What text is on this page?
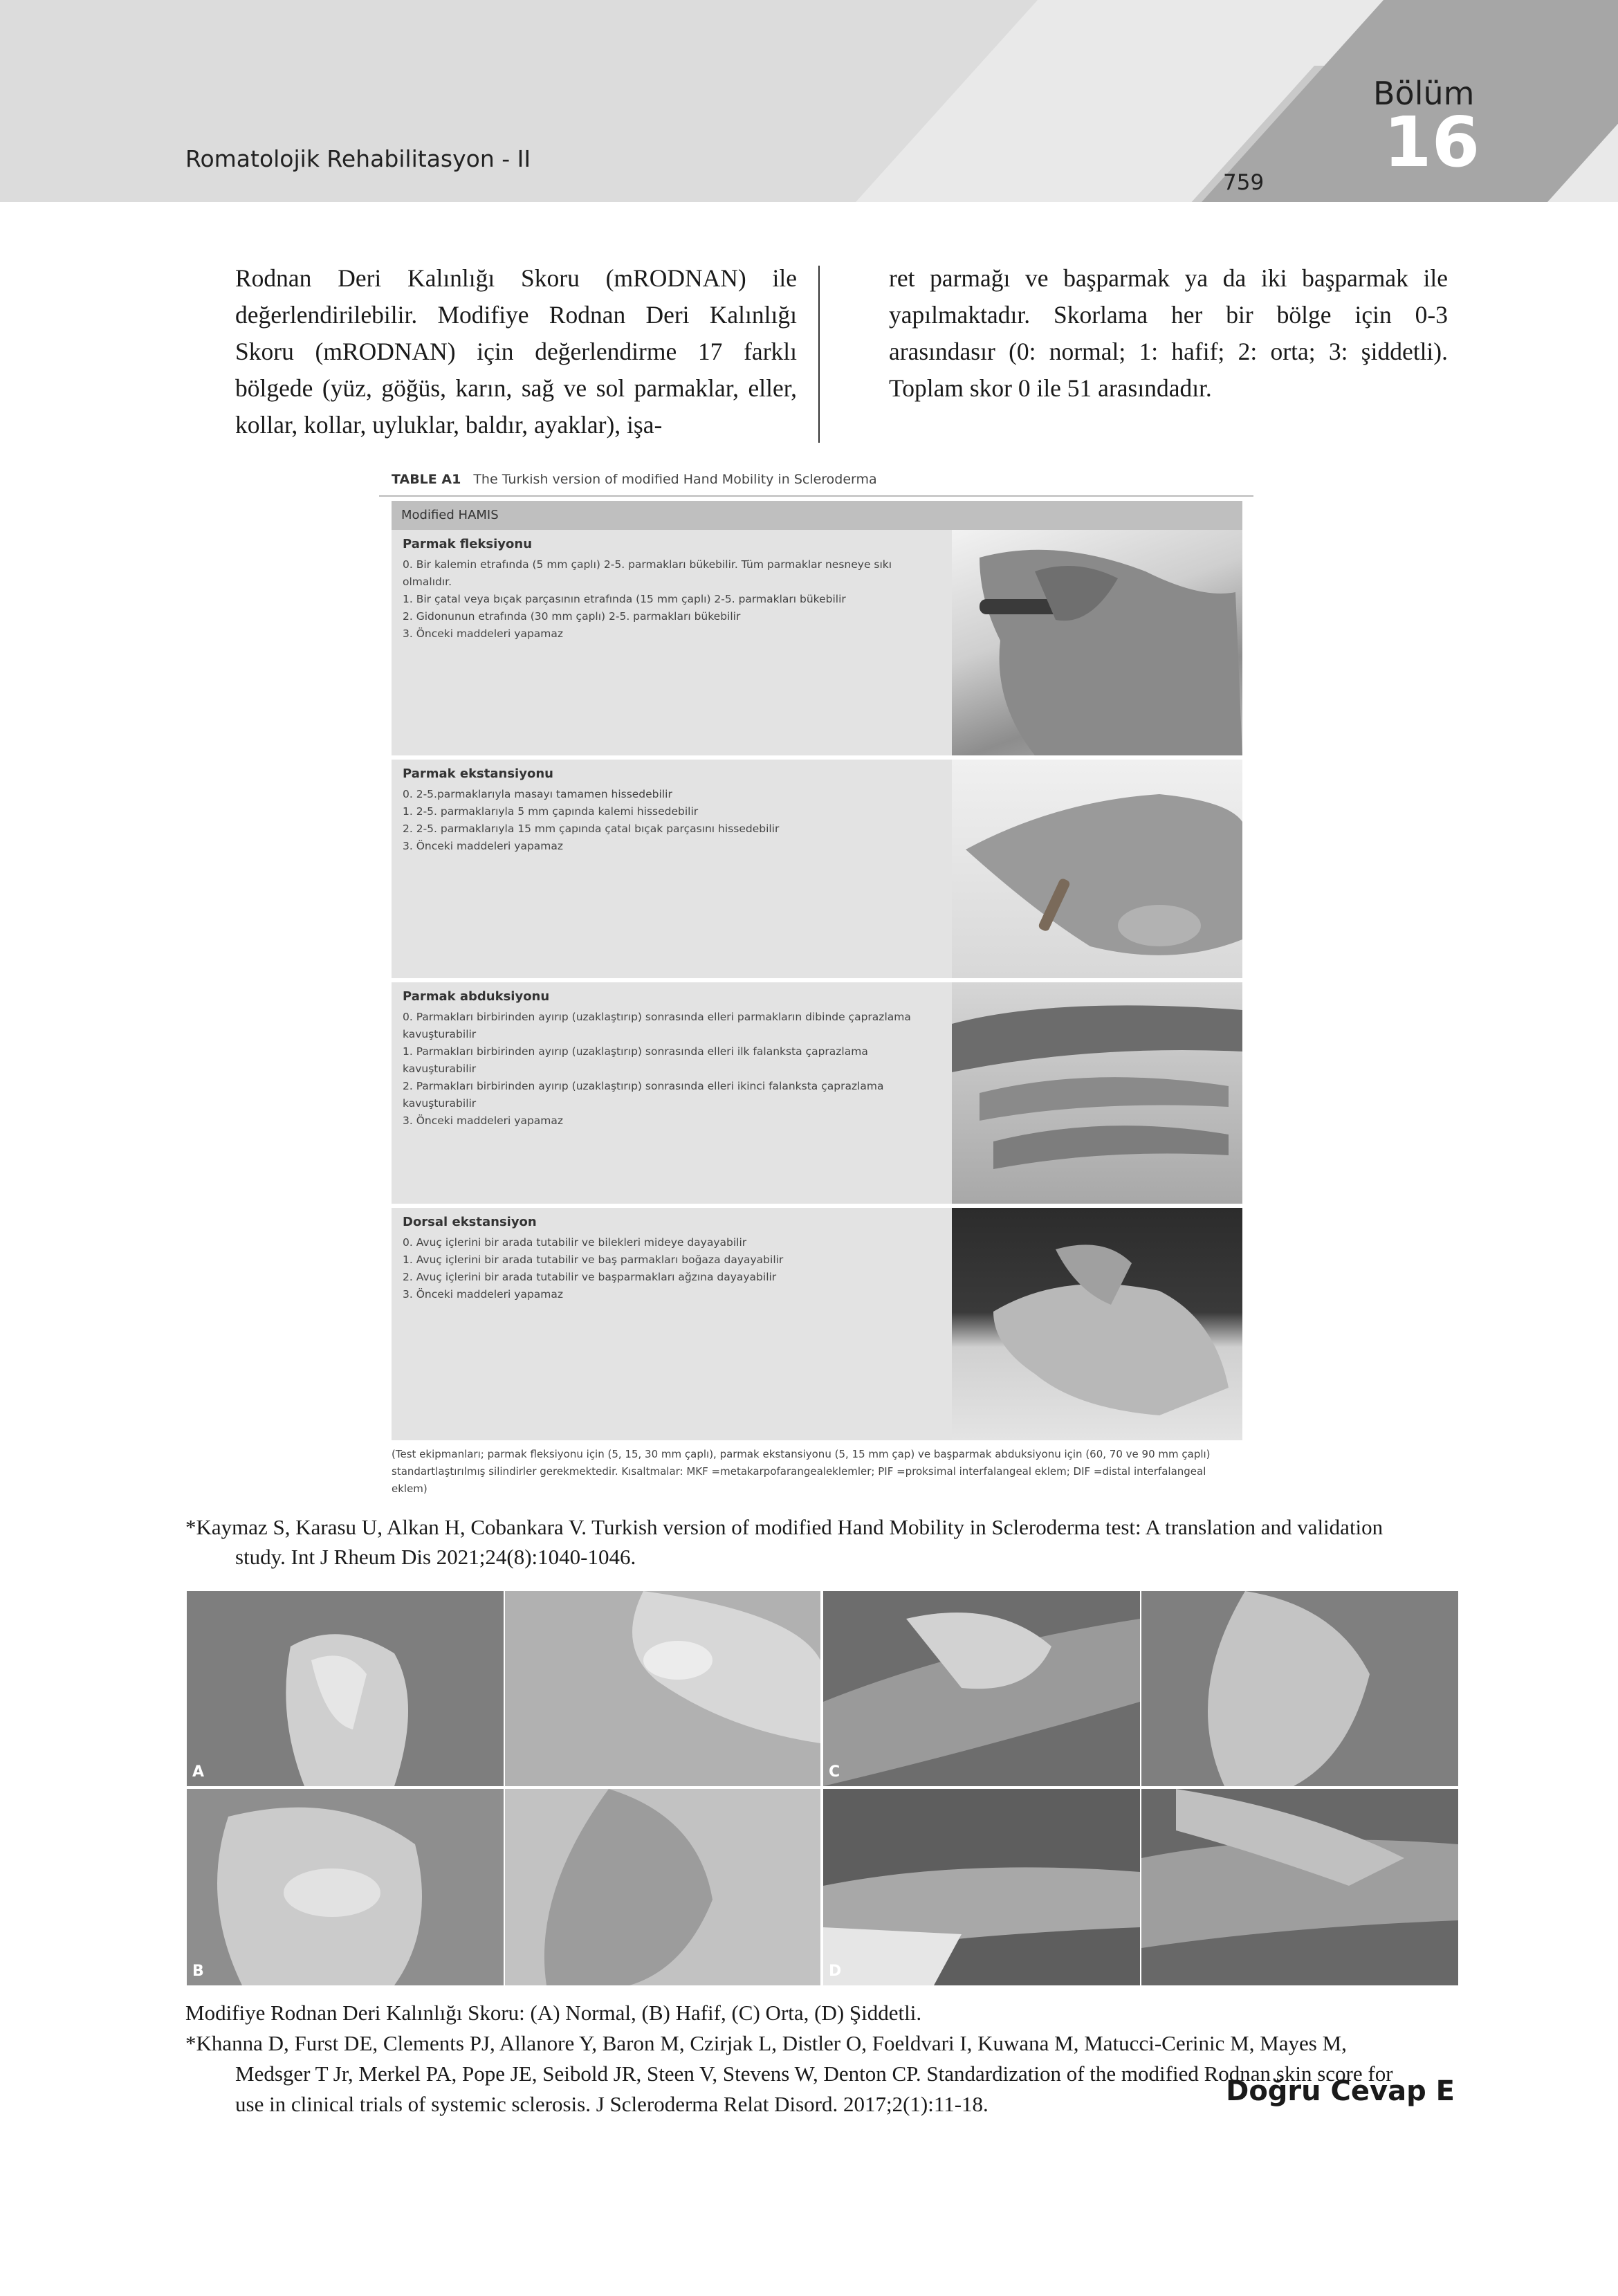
Romatolojik Rehabilitasyon - II
759
Bölüm
16
Rodnan Deri Kalınlığı Skoru (mRODNAN) ile değerlendirilebilir. Modifiye Rodnan Deri Kalınlığı Skoru (mRODNAN) için değerlendirme 17 farklı bölgede (yüz, göğüs, karın, sağ ve sol parmaklar, eller, kollar, kollar, uyluklar, baldır, ayaklar), işa-
ret parmağı ve başparmak ya da iki başparmak ile yapılmaktadır. Skorlama her bir bölge için 0-3 arasındasır (0: normal; 1: hafif; 2: orta; 3: şiddetli). Toplam skor 0 ile 51 arasındadır.
TABLE A1 The Turkish version of modified Hand Mobility in Scleroderma
Modified HAMIS
Parmak fleksiyonu

0. Bir kalemin etrafında (5 mm çaplı) 2-5. parmakları bükebilir. Tüm parmaklar nesneye sıkı olmalıdır.

1. Bir çatal veya bıçak parçasının etrafında (15 mm çaplı) 2-5. parmakları bükebilir

2. Gidonunun etrafında (30 mm çaplı) 2-5. parmakları bükebilir

3. Önceki maddeleri yapamaz

Parmak ekstansiyonu

0. 2-5.parmaklarıyla masayı tamamen hissedebilir

1. 2-5. parmaklarıyla 5 mm çapında kalemi hissedebilir

2. 2-5. parmaklarıyla 15 mm çapında çatal bıçak parçasını hissedebilir

3. Önceki maddeleri yapamaz

Parmak abduksiyonu

0. Parmakları birbirinden ayırıp (uzaklaştırıp) sonrasında elleri parmakların dibinde çaprazlama kavuşturabilir

1. Parmakları birbirinden ayırıp (uzaklaştırıp) sonrasında elleri ilk falanksta çaprazlama kavuşturabilir

2. Parmakları birbirinden ayırıp (uzaklaştırıp) sonrasında elleri ikinci falanksta çaprazlama kavuşturabilir

3. Önceki maddeleri yapamaz

Dorsal ekstansiyon

0. Avuç içlerini bir arada tutabilir ve bilekleri mideye dayayabilir

1. Avuç içlerini bir arada tutabilir ve baş parmakları boğaza dayayabilir

2. Avuç içlerini bir arada tutabilir ve başparmakları ağzına dayayabilir

3. Önceki maddeleri yapamaz

(Test ekipmanları; parmak fleksiyonu için (5, 15, 30 mm çaplı), parmak ekstansiyonu (5, 15 mm çap) ve başparmak abduksiyonu için (60, 70 ve 90 mm çaplı) standartlaştırılmış silindirler gerekmektedir. Kısaltmalar: MKF =metakarpofarangealeklemler; PIF =proksimal interfalangeal eklem; DIF =distal interfalangeal eklem)
*Kaymaz S, Karasu U, Alkan H, Cobankara V. Turkish version of modified Hand Mobility in Scleroderma test: A translation and validation
study. Int J Rheum Dis 2021;24(8):1040-1046.
A	C
B	D
Modifiye Rodnan Deri Kalınlığı Skoru: (A) Normal, (B) Hafif, (C) Orta, (D) Şiddetli.
*Khanna D, Furst DE, Clements PJ, Allanore Y, Baron M, Czirjak L, Distler O, Foeldvari I, Kuwana M, Matucci-Cerinic M, Mayes M,
Medsger T Jr, Merkel PA, Pope JE, Seibold JR, Steen V, Stevens W, Denton CP. Standardization of the modified Rodnan skin score for
use in clinical trials of systemic sclerosis. J Scleroderma Relat Disord. 2017;2(1):11-18.	Doğru Cevap E
